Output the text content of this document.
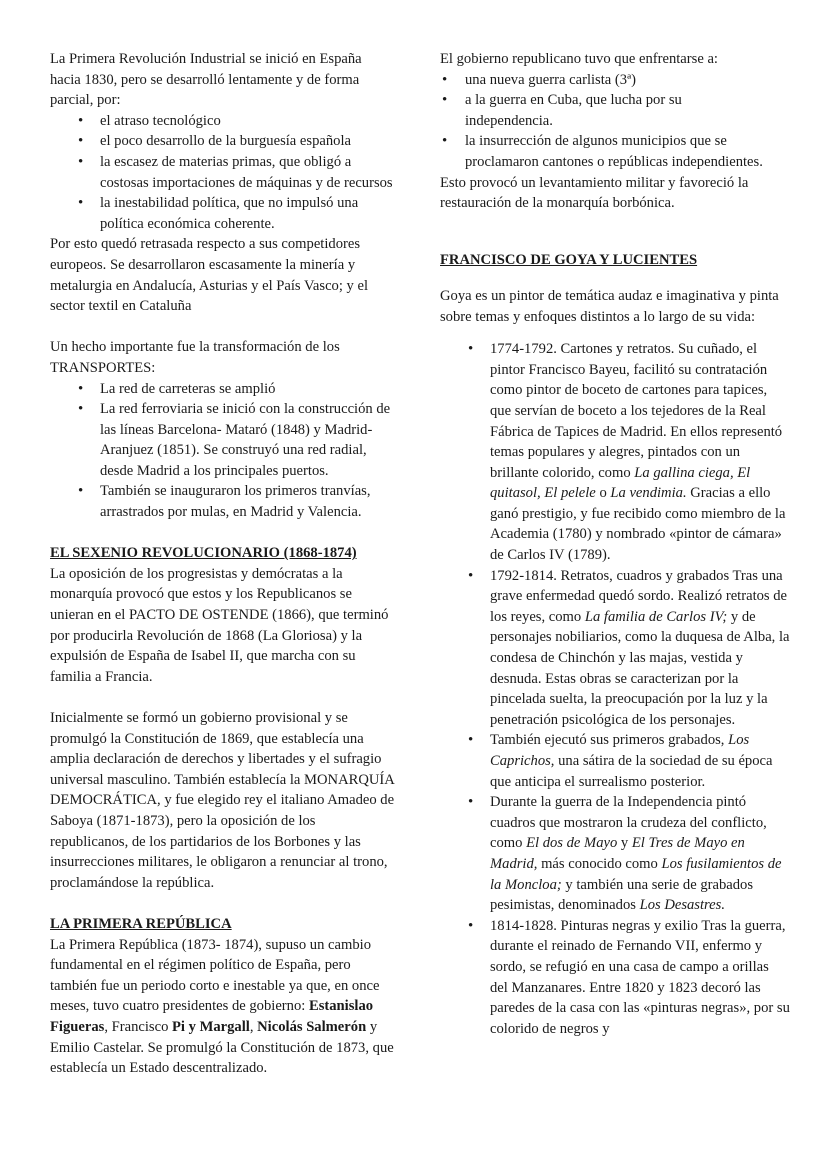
La Primera Revolución Industrial se inició en España hacia 1830, pero se desarrolló lentamente y de forma parcial, por:

• el atraso tecnológico
• el poco desarrollo de la burguesía española
• la escasez de materias primas, que obligó a costosas importaciones de máquinas y de recursos
• la inestabilidad política, que no impulsó una política económica coherente.

Por esto quedó retrasada respecto a sus competidores europeos. Se desarrollaron escasamente la minería y metalurgia en Andalucía, Asturias y el País Vasco; y el sector textil en Cataluña

Un hecho importante fue la transformación de los TRANSPORTES:

• La red de carreteras se amplió
• La red ferroviaria se inició con la construcción de las líneas Barcelona- Mataró (1848) y Madrid-Aranjuez (1851). Se construyó una red radial, desde Madrid a los principales puertos.
• También se inauguraron los primeros tranvías, arrastrados por mulas, en Madrid y Valencia.
EL SEXENIO REVOLUCIONARIO (1868-1874)

La oposición de los progresistas y demócratas a la monarquía provocó que estos y los Republicanos se unieran en el PACTO DE OSTENDE (1866), que terminó por producirla Revolución de 1868 (La Gloriosa) y la expulsión de España de Isabel II, que marcha con su familia a Francia.

Inicialmente se formó un gobierno provisional y se promulgó la Constitución de 1869, que establecía una amplia declaración de derechos y libertades y el sufragio universal masculino. También establecía la MONARQUÍA DEMOCRÁTICA, y fue elegido rey el italiano Amadeo de Saboya (1871-1873), pero la oposición de los republicanos, de los partidarios de los Borbones y las insurrecciones militares, le obligaron a renunciar al trono, proclamándose la república.

LA PRIMERA REPÚBLICA

La Primera República (1873- 1874), supuso un cambio fundamental en el régimen político de España, pero también fue un periodo corto e inestable ya que, en once meses, tuvo cuatro presidentes de gobierno: Estanislao Figueras, Francisco Pi y Margall, Nicolás Salmerón y Emilio Castelar. Se promulgó la Constitución de 1873, que establecía un Estado descentralizado.

El gobierno republicano tuvo que enfrentarse a:

• una nueva guerra carlista (3ª)
• a la guerra en Cuba, que lucha por su independencia.
• la insurrección de algunos municipios que se proclamaron cantones o repúblicas independientes.

Esto provocó un levantamiento militar y favoreció la restauración de la monarquía borbónica.

FRANCISCO DE GOYA Y LUCIENTES

Goya es un pintor de temática audaz e imaginativa y pinta sobre temas y enfoques distintos a lo largo de su vida:

• 1774-1792. Cartones y retratos. Su cuñado, el pintor Francisco Bayeu, facilitó su contratación como pintor de boceto de cartones para tapices, que servían de boceto a los tejedores de la Real Fábrica de Tapices de Madrid. En ellos representó temas populares y alegres, pintados con un brillante colorido, como La gallina ciega, El quitasol, El pelele o La vendimia. Gracias a ello ganó prestigio, y fue recibido como miembro de la Academia (1780) y nombrado «pintor de cámara» de Carlos IV (1789).
• 1792-1814. Retratos, cuadros y grabados Tras una grave enfermedad quedó sordo. Realizó retratos de los reyes, como La familia de Carlos IV; y de personajes nobiliarios, como la duquesa de Alba, la condesa de Chinchón y las majas, vestida y desnuda. Estas obras se caracterizan por la pincelada suelta, la preocupación por la luz y la penetración psicológica de los personajes.
• También ejecutó sus primeros grabados, Los Caprichos, una sátira de la sociedad de su época que anticipa el surrealismo posterior.
• Durante la guerra de la Independencia pintó cuadros que mostraron la crudeza del conflicto, como El dos de Mayo y El Tres de Mayo en Madrid, más conocido como Los fusilamientos de la Moncloa; y también una serie de grabados pesimistas, denominados Los Desastres.
• 1814-1828. Pinturas negras y exilio Tras la guerra, durante el reinado de Fernando VII, enfermo y sordo, se refugió en una casa de campo a orillas del Manzanares. Entre 1820 y 1823 decoró las paredes de la casa con las «pinturas negras», por su colorido de negros y
